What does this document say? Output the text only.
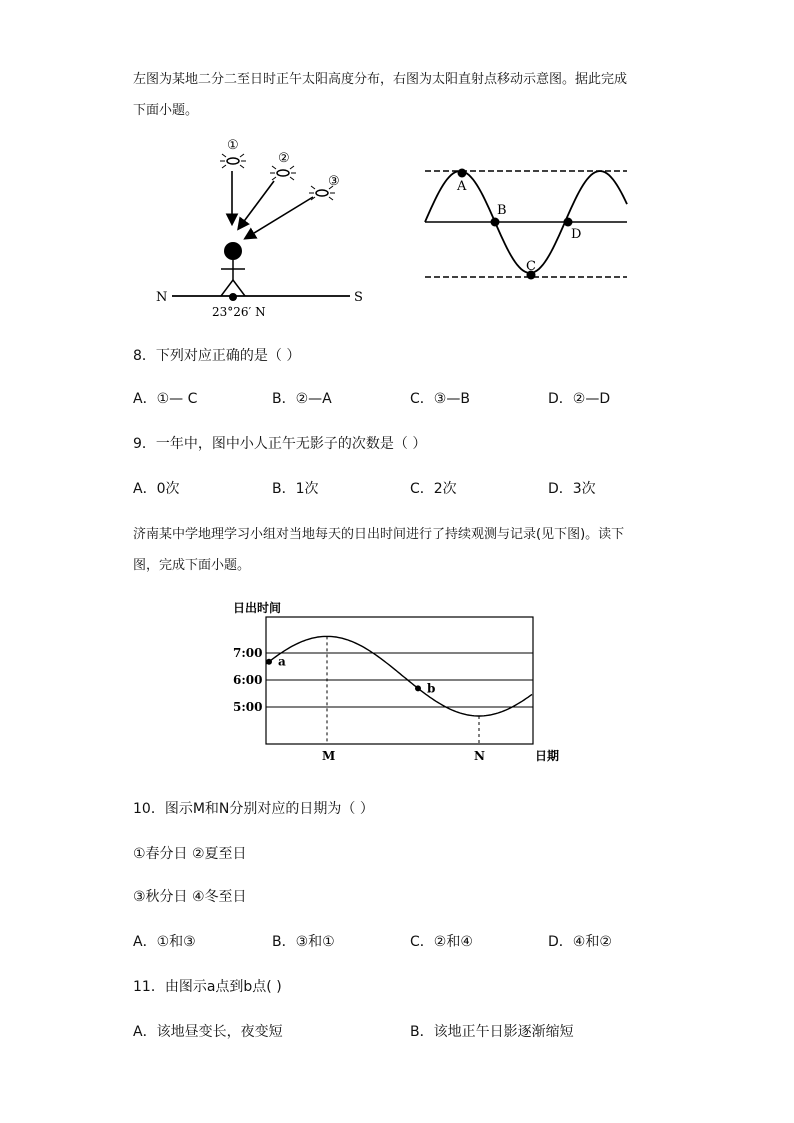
左图为某地二分二至日时正午太阳高度分布，右图为太阳直射点移动示意图。据此完成
下面小题。
①
②
③
N	S
23°26′ N
A
B
C
D
8．下列对应正确的是（ ）
A．①— C	B．②—A	C．③—B	D．②—D
9．一年中，图中小人正午无影子的次数是（ ）
A．0次	B．1次	C．2次	D．3次
济南某中学地理学习小组对当地每天的日出时间进行了持续观测与记录(见下图)。读下
图，完成下面小题。
日出时间
7:00
6:00
5:00
M	N
a
b
日期
10．图示M和N分别对应的日期为（ ）
①春分日 ②夏至日
③秋分日 ④冬至日
A．①和③	B．③和①	C．②和④	D．④和②
11．由图示a点到b点( )
A．该地昼变长，夜变短	B．该地正午日影逐渐缩短
